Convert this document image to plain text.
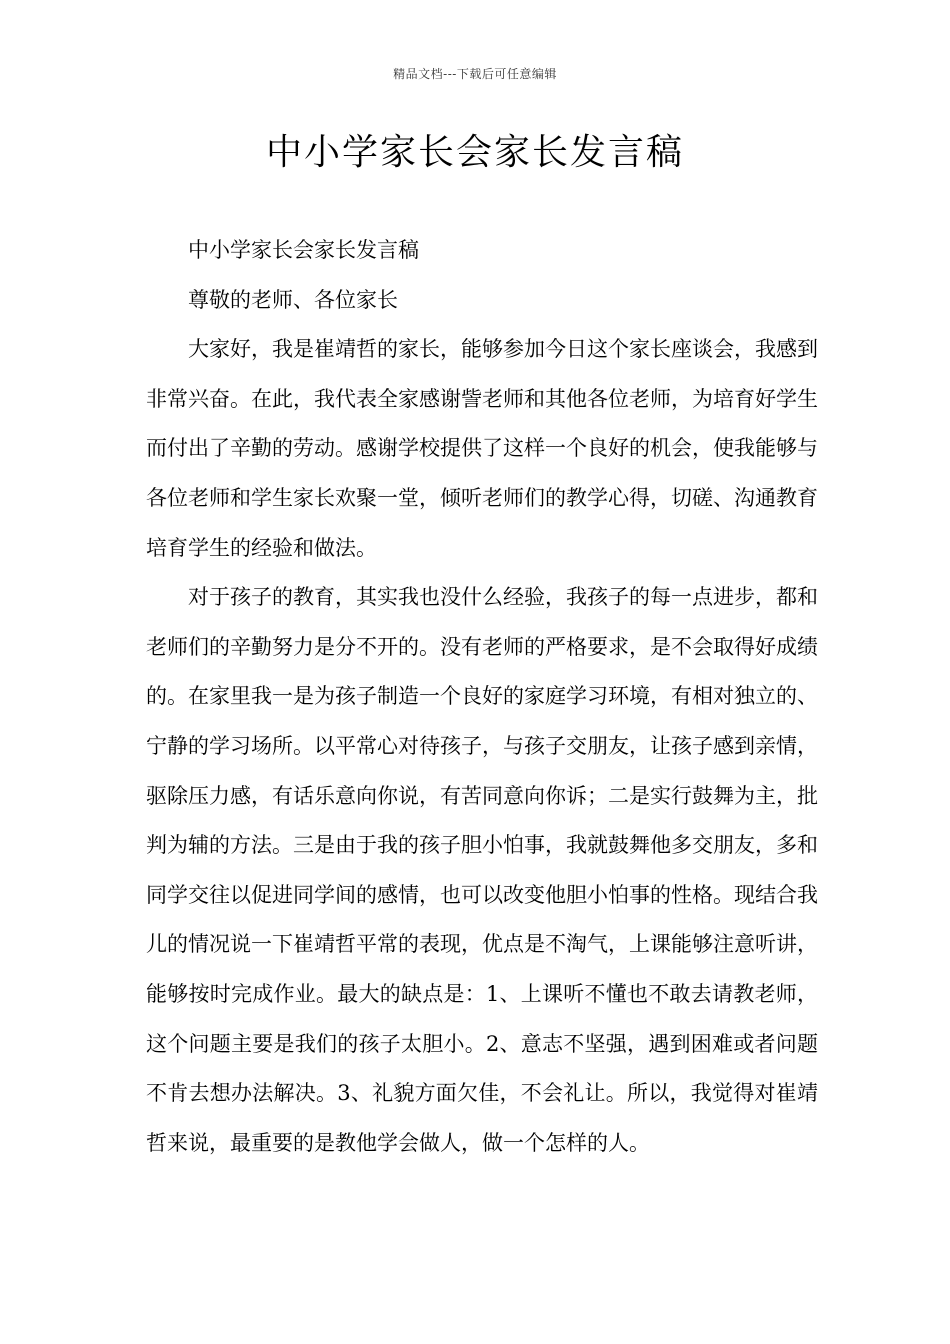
精品文档---下载后可任意编辑
中小学家长会家长发言稿

中小学家长会家长发言稿

尊敬的老师、各位家长

大家好，我是崔靖哲的家长，能够参加今日这个家长座谈会，我感到非常兴奋。在此，我代表全家感谢訾老师和其他各位老师，为培育好学生而付出了辛勤的劳动。感谢学校提供了这样一个良好的机会，使我能够与各位老师和学生家长欢聚一堂，倾听老师们的教学心得，切磋、沟通教育培育学生的经验和做法。

对于孩子的教育，其实我也没什么经验，我孩子的每一点进步，都和老师们的辛勤努力是分不开的。没有老师的严格要求，是不会取得好成绩的。在家里我一是为孩子制造一个良好的家庭学习环境，有相对独立的、宁静的学习场所。以平常心对待孩子，与孩子交朋友，让孩子感到亲情，驱除压力感，有话乐意向你说，有苦同意向你诉；二是实行鼓舞为主，批判为辅的方法。三是由于我的孩子胆小怕事，我就鼓舞他多交朋友，多和同学交往以促进同学间的感情，也可以改变他胆小怕事的性格。现结合我儿的情况说一下崔靖哲平常的表现，优点是不淘气，上课能够注意听讲，能够按时完成作业。最大的缺点是：1、上课听不懂也不敢去请教老师，这个问题主要是我们的孩子太胆小。2、意志不坚强，遇到困难或者问题不肯去想办法解决。3、礼貌方面欠佳，不会礼让。所以，我觉得对崔靖哲来说，最重要的是教他学会做人，做一个怎样的人。
